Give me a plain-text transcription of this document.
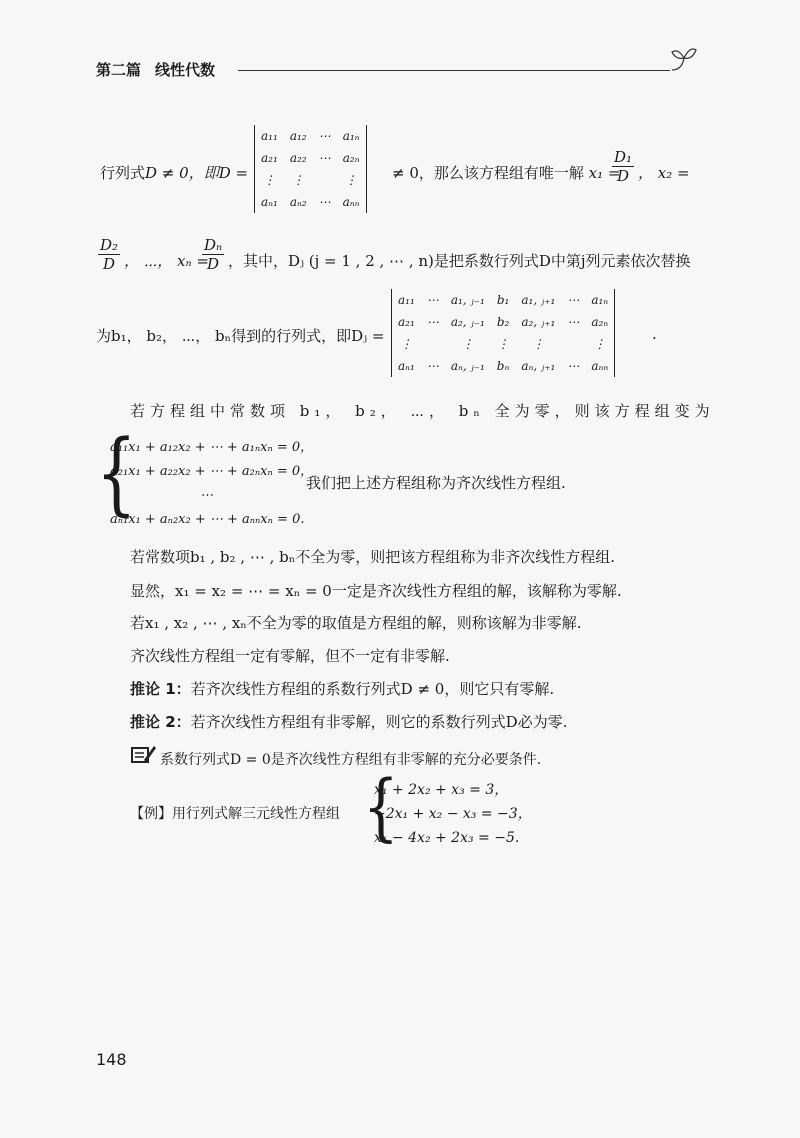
第二篇 线性代数
行列式D ≠ 0，即D =
a₁₁	a₁₂	⋯	a₁ₙ
a₂₁	a₂₂	⋯	a₂ₙ
⋮	⋮		⋮
aₙ₁	aₙ₂	⋯	aₙₙ
≠ 0，那么该方程组有唯一解 x₁ =
$\frac{\text{D₁}}{D}$ ， x₂ =
$\frac{\text{D₂}}{D}$ ， ⋯， xₙ =
$\frac{\text{Dₙ}}{D}$ ，其中，Dⱼ (j = 1 , 2 , ⋯ , n)是把系数行列式D中第j列元素依次替换
为b₁， b₂， ⋯， bₙ得到的行列式，即Dⱼ =
a₁₁	⋯	a₁, ⱼ₋₁	b₁	a₁, ⱼ₊₁	⋯	a₁ₙ
a₂₁	⋯	a₂, ⱼ₋₁	b₂	a₂, ⱼ₊₁	⋯	a₂ₙ
⋮		⋮	⋮	⋮		⋮
aₙ₁	⋯	aₙ, ⱼ₋₁	bₙ	aₙ, ⱼ₊₁	⋯	aₙₙ
.
若方程组中常数项 b₁， b₂， ⋯， bₙ 全为零，则该方程组变为
{
a₁₁x₁ + a₁₂x₂ + ⋯ + a₁ₙxₙ = 0，
a₂₁x₁ + a₂₂x₂ + ⋯ + a₂ₙxₙ = 0，
⋯
aₙ₁x₁ + aₙ₂x₂ + ⋯ + aₙₙxₙ = 0.
我们把上述方程组称为齐次线性方程组.
若常数项b₁ , b₂ , ⋯ , bₙ不全为零，则把该方程组称为非齐次线性方程组.
显然，x₁ = x₂ = ⋯ = xₙ = 0一定是齐次线性方程组的解，该解称为零解.
若x₁ , x₂ , ⋯ , xₙ不全为零的取值是方程组的解，则称该解为非零解.
齐次线性方程组一定有零解，但不一定有非零解.
推论 1：若齐次线性方程组的系数行列式D ≠ 0，则它只有零解.
推论 2：若齐次线性方程组有非零解，则它的系数行列式D必为零.
系数行列式D = 0是齐次线性方程组有非零解的充分必要条件.
【例】用行列式解三元线性方程组 {
x₁ + 2x₂ + x₃ = 3，
−2x₁ + x₂ − x₃ = −3，
x₁ − 4x₂ + 2x₃ = −5.
148
